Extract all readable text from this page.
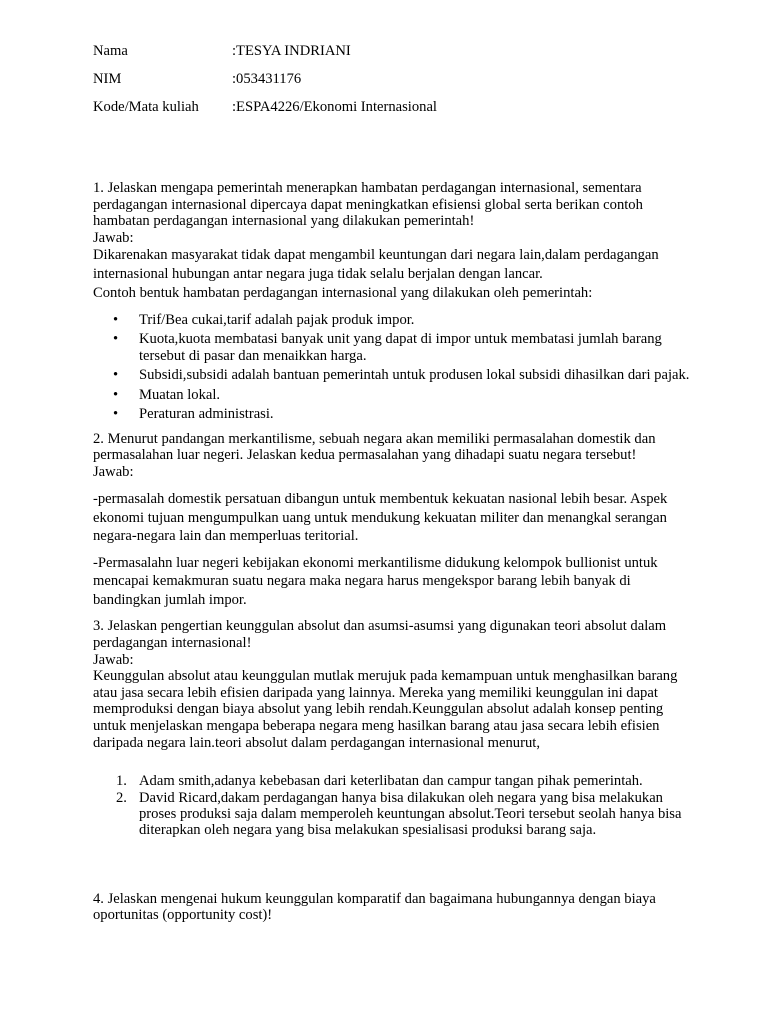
Nama	:TESYA INDRIANI
NIM	:053431176
Kode/Mata kuliah :ESPA4226/Ekonomi Internasional

1. Jelaskan mengapa pemerintah menerapkan hambatan perdagangan internasional, sementara perdagangan internasional dipercaya dapat meningkatkan efisiensi global serta berikan contoh hambatan perdagangan internasional yang dilakukan pemerintah!

Jawab:

Dikarenakan masyarakat tidak dapat mengambil keuntungan dari negara lain,dalam perdagangan internasional hubungan antar negara juga tidak selalu berjalan dengan lancar.

Contoh bentuk hambatan perdagangan internasional yang dilakukan oleh pemerintah:

• Trif/Bea cukai,tarif adalah pajak produk impor.
• Kuota,kuota membatasi banyak unit yang dapat di impor untuk membatasi jumlah barang tersebut di pasar dan menaikkan harga.
• Subsidi,subsidi adalah bantuan pemerintah untuk produsen lokal subsidi dihasilkan dari pajak.
• Muatan lokal.
• Peraturan administrasi.

2. Menurut pandangan merkantilisme, sebuah negara akan memiliki permasalahan domestik dan permasalahan luar negeri. Jelaskan kedua permasalahan yang dihadapi suatu negara tersebut!

Jawab:

-permasalah domestik persatuan dibangun untuk membentuk kekuatan nasional lebih besar. Aspek ekonomi tujuan mengumpulkan uang untuk mendukung kekuatan militer dan menangkal serangan negara-negara lain dan memperluas teritorial.

-Permasalahn luar negeri kebijakan ekonomi merkantilisme didukung kelompok bullionist untuk mencapai kemakmuran suatu negara maka negara harus mengekspor barang lebih banyak di bandingkan jumlah impor.

3. Jelaskan pengertian keunggulan absolut dan asumsi-asumsi yang digunakan teori absolut dalam perdagangan internasional!

Jawab:

Keunggulan absolut atau keunggulan mutlak merujuk pada kemampuan untuk menghasilkan barang atau jasa secara lebih efisien daripada yang lainnya. Mereka yang memiliki keunggulan ini dapat memproduksi dengan biaya absolut yang lebih rendah.Keunggulan absolut adalah konsep penting untuk menjelaskan mengapa beberapa negara meng hasilkan barang atau jasa secara lebih efisien daripada negara lain.teori absolut dalam perdagangan internasional menurut,

1. Adam smith,adanya kebebasan dari keterlibatan dan campur tangan pihak pemerintah.
2. David Ricard,dakam perdagangan hanya bisa dilakukan oleh negara yang bisa melakukan proses produksi saja dalam memperoleh keuntungan absolut.Teori tersebut seolah hanya bisa diterapkan oleh negara yang bisa melakukan spesialisasi produksi barang saja.

4. Jelaskan mengenai hukum keunggulan komparatif dan bagaimana hubungannya dengan biaya oportunitas (opportunity cost)!
